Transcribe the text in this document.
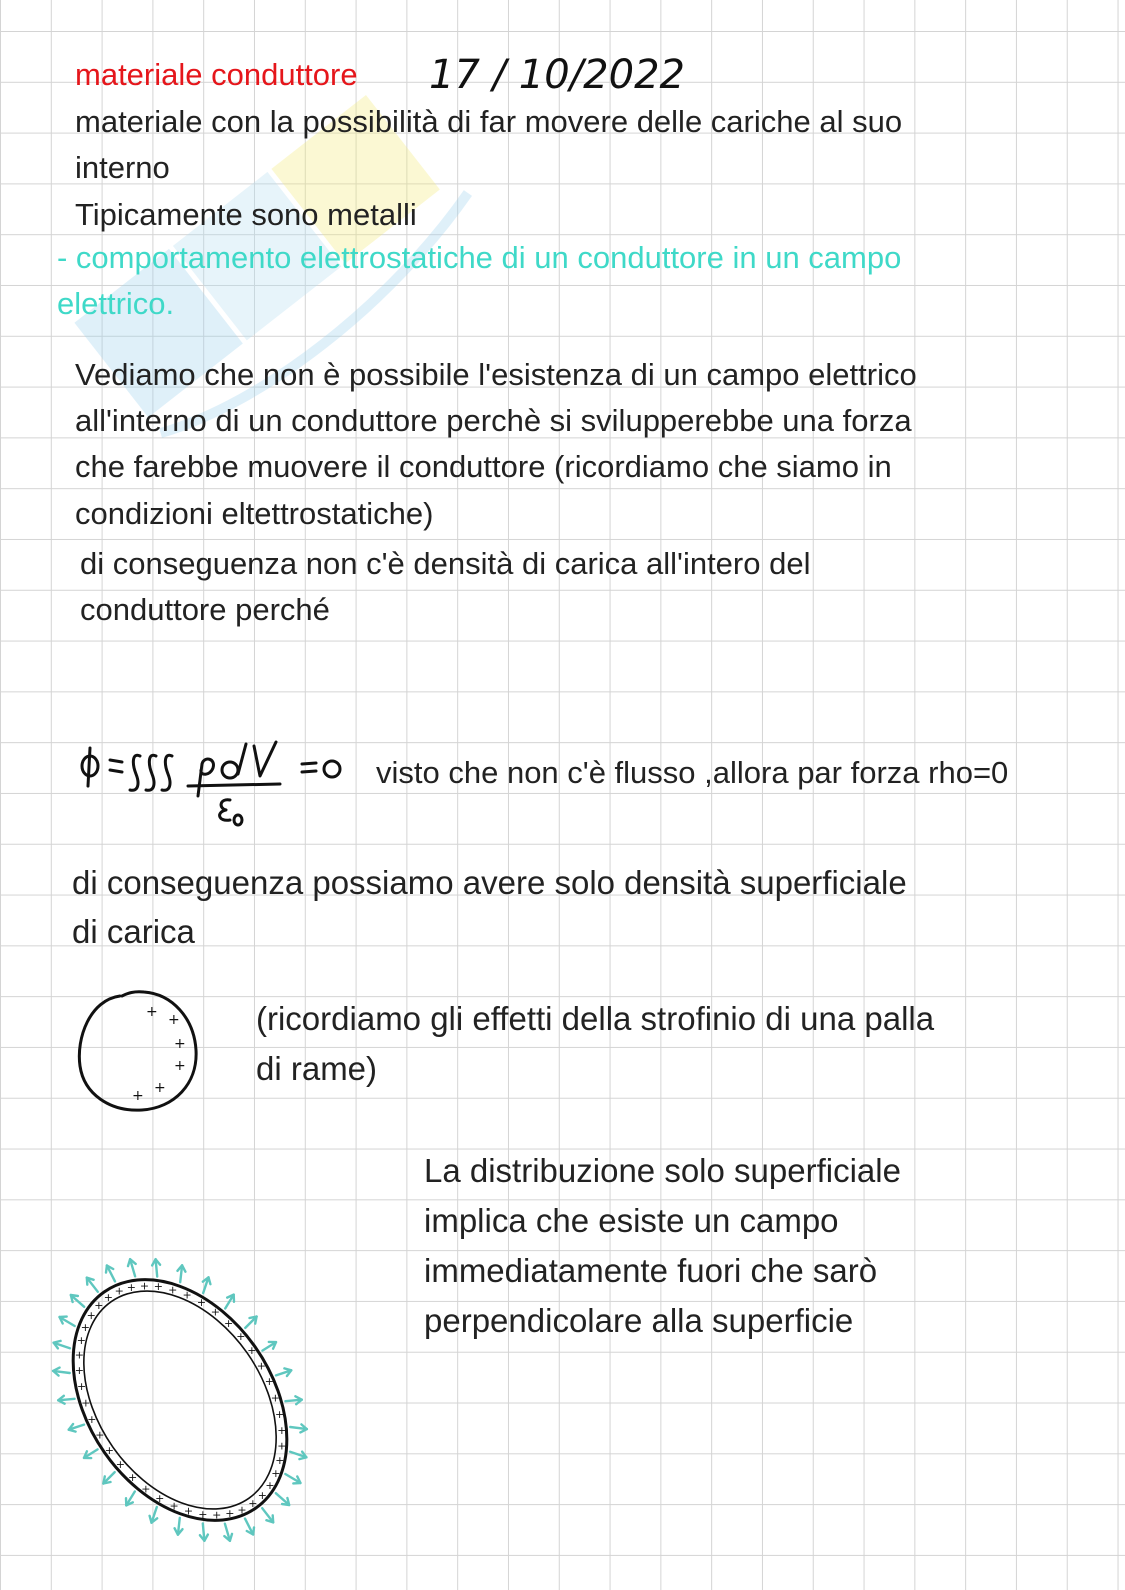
materiale conduttore 17 / 10/2022

materiale con la possibilità di far movere delle cariche al suo

interno

Tipicamente sono metalli

- comportamento elettrostatiche di un conduttore in un campo

elettrico.

Vediamo che non è possibile l'esistenza di un campo elettrico

all'interno di un conduttore perchè si svilupperebbe una forza

che farebbe muovere il conduttore (ricordiamo che siamo in

condizioni eltettrostatiche)

di conseguenza non c'è densità di carica all'intero del

conduttore perché

visto che non c'è flusso ,allora par forza rho=0

di conseguenza possiamo avere solo densità superficiale

di carica

+ +
+
+
+
+

(ricordiamo gli effetti della strofinio di una palla

di rame)

La distribuzione solo superficiale

implica che esiste un campo

immediatamente fuori che sarò

perpendicolare alla superficie

+
+
+
+
+
+
+
+
+
+
+
+
+
+
+
+
+
+
+
+
+
+
+
+
+
+
+
+
+
+
+
+
+
+ + + + + + +
+
+
+
+
